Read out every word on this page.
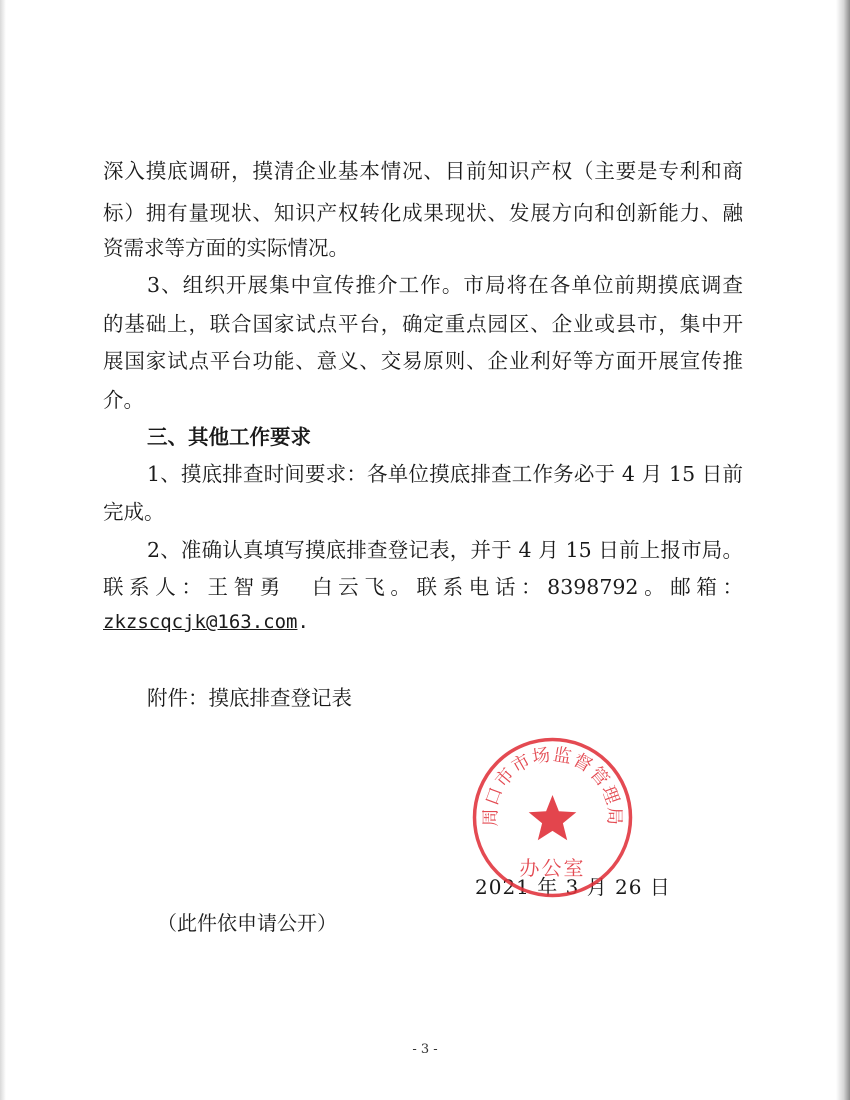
深入摸底调研，摸清企业基本情况、目前知识产权（主要是专利和商
标）拥有量现状、知识产权转化成果现状、发展方向和创新能力、融
资需求等方面的实际情况。
3、组织开展集中宣传推介工作。市局将在各单位前期摸底调查
的基础上，联合国家试点平台，确定重点园区、企业或县市，集中开
展国家试点平台功能、意义、交易原则、企业利好等方面开展宣传推
介。
三、其他工作要求
1、摸底排查时间要求：各单位摸底排查工作务必于 4 月 15 日前
完成。
2、准确认真填写摸底排查登记表，并于 4 月 15 日前上报市局。
联系人：王智勇　白云飞。联系电话：8398792。邮箱：
zkzscqcjk@163.com.
附件：摸底排查登记表
2021 年 3 月 26 日
周口市市场监督管理局
办公室
（此件依申请公开）
- 3 -
